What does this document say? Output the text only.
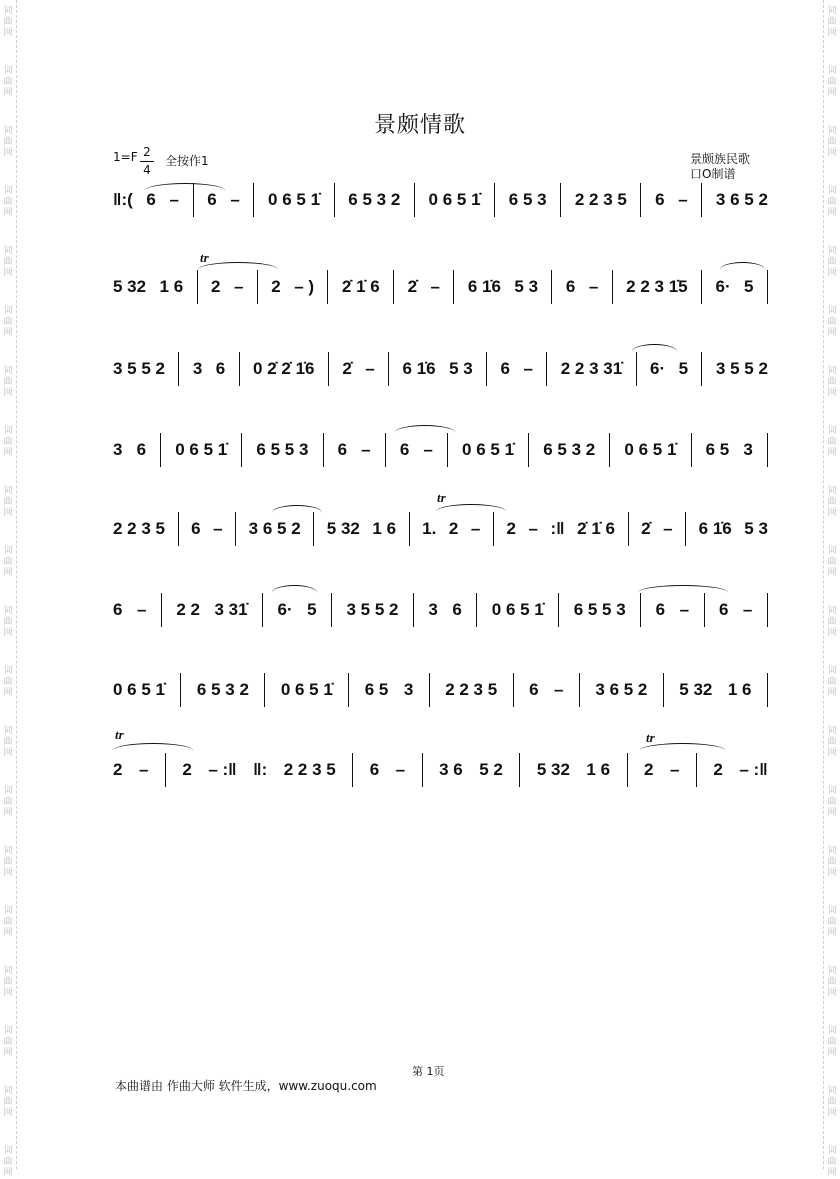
词
曲
网
词
曲
网
词
曲
网
词
曲
网
词
曲
网
词
曲
网
词
曲
网
词
曲
网
词
曲
网
词
曲
网
词
曲
网
词
曲
网
词
曲
网
词
曲
网
词
曲
网
词
曲
网
词
曲
网
词
曲
网
词
曲
网
词
曲
网
词
曲
网
词
曲
网
词
曲
网
词
曲
网
词
曲
网
词
曲
网
词
曲
网
词
曲
网
词
曲
网
词
曲
网
词
曲
网
词
曲
网
词
曲
网
词
曲
网
词
曲
网
词
曲
网
词
曲
网
词
曲
网
词
曲
网
词
曲
网
景颇情歌
1=F 2
4
全按作1	景颇族民歌
口O制谱
‖:( 6 – 6 – 0 6 5 1̇ 6 5 3 2 0 6 5 1̇ 6 5 3 2 2 3 5 6 – 3 6 5 2
5 32 1 6 2 – 2 – ) 2̇ 1̇ 6 2̇ – 6 1̇6 5 3 6 – 2 2 3 1̇5 6· 5
3 5 5 2 3 6 0 2̇ 2̇ 1̇6 2̇ – 6 1̇6 5 3 6 – 2 2 3 31̇ 6· 5 3 5 5 2
3 6 0 6 5 1̇ 6 5 5 3 6 – 6 – 0 6 5 1̇ 6 5 3 2 0 6 5 1̇ 6 5 3
2 2 3 5 6 – 3 6 5 2 5 32 1 6 1. 2 – 2 – :‖ 2̇ 1̇ 6 2̇ – 6 1̇6 5 3
6 – 2 2 3 31̇ 6· 5 3 5 5 2 3 6 0 6 5 1̇ 6 5 5 3 6 – 6 –
0 6 5 1̇ 6 5 3 2 0 6 5 1̇ 6 5 3 2 2 3 5 6 – 3 6 5 2 5 32 1 6
2 – 2 – :‖ ‖: 2 2 3 5 6 – 3 6 5 2 5 32 1 6 2 – 2 – :‖
tr
tr
tr	tr
第 1页
本曲谱由 作曲大师 软件生成，www.zuoqu.com
